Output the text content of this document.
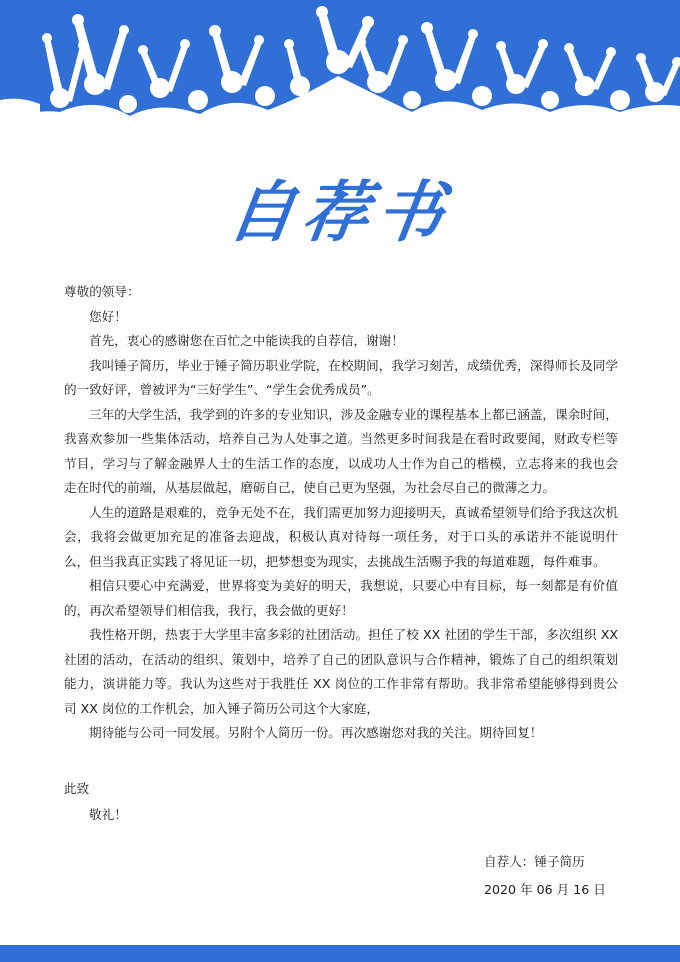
自荐书

尊敬的领导：

您好！

首先，衷心的感谢您在百忙之中能读我的自荐信，谢谢！

我叫锤子简历，毕业于锤子简历职业学院，在校期间，我学习刻苦，成绩优秀，深得师长及同学的一致好评，曾被评为“三好学生”、“学生会优秀成员”。

三年的大学生活，我学到的许多的专业知识，涉及金融专业的课程基本上都已涵盖，课余时间，我喜欢参加一些集体活动，培养自己为人处事之道。当然更多时间我是在看时政要闻，财政专栏等节目，学习与了解金融界人士的生活工作的态度，以成功人士作为自己的楷模，立志将来的我也会走在时代的前端，从基层做起，磨砺自己，使自己更为坚强，为社会尽自己的微薄之力。

人生的道路是艰难的，竞争无处不在，我们需更加努力迎接明天，真诚希望领导们给予我这次机会，我将会做更加充足的准备去迎战，积极认真对待每一项任务，对于口头的承诺并不能说明什么，但当我真正实践了将见证一切，把梦想变为现实，去挑战生活赐予我的每道难题，每件难事。

相信只要心中充满爱，世界将变为美好的明天，我想说，只要心中有目标，每一刻都是有价值的，再次希望领导们相信我，我行，我会做的更好！

我性格开朗，热衷于大学里丰富多彩的社团活动。担任了校 XX 社团的学生干部，多次组织 XX 社团的活动，在活动的组织、策划中，培养了自己的团队意识与合作精神，锻炼了自己的组织策划能力，演讲能力等。我认为这些对于我胜任 XX 岗位的工作非常有帮助。我非常希望能够得到贵公司 XX 岗位的工作机会，加入锤子简历公司这个大家庭，

期待能与公司一同发展。另附个人简历一份。再次感谢您对我的关注。期待回复！

此致

敬礼！

自荐人：锤子简历
2020 年 06 月 16 日
